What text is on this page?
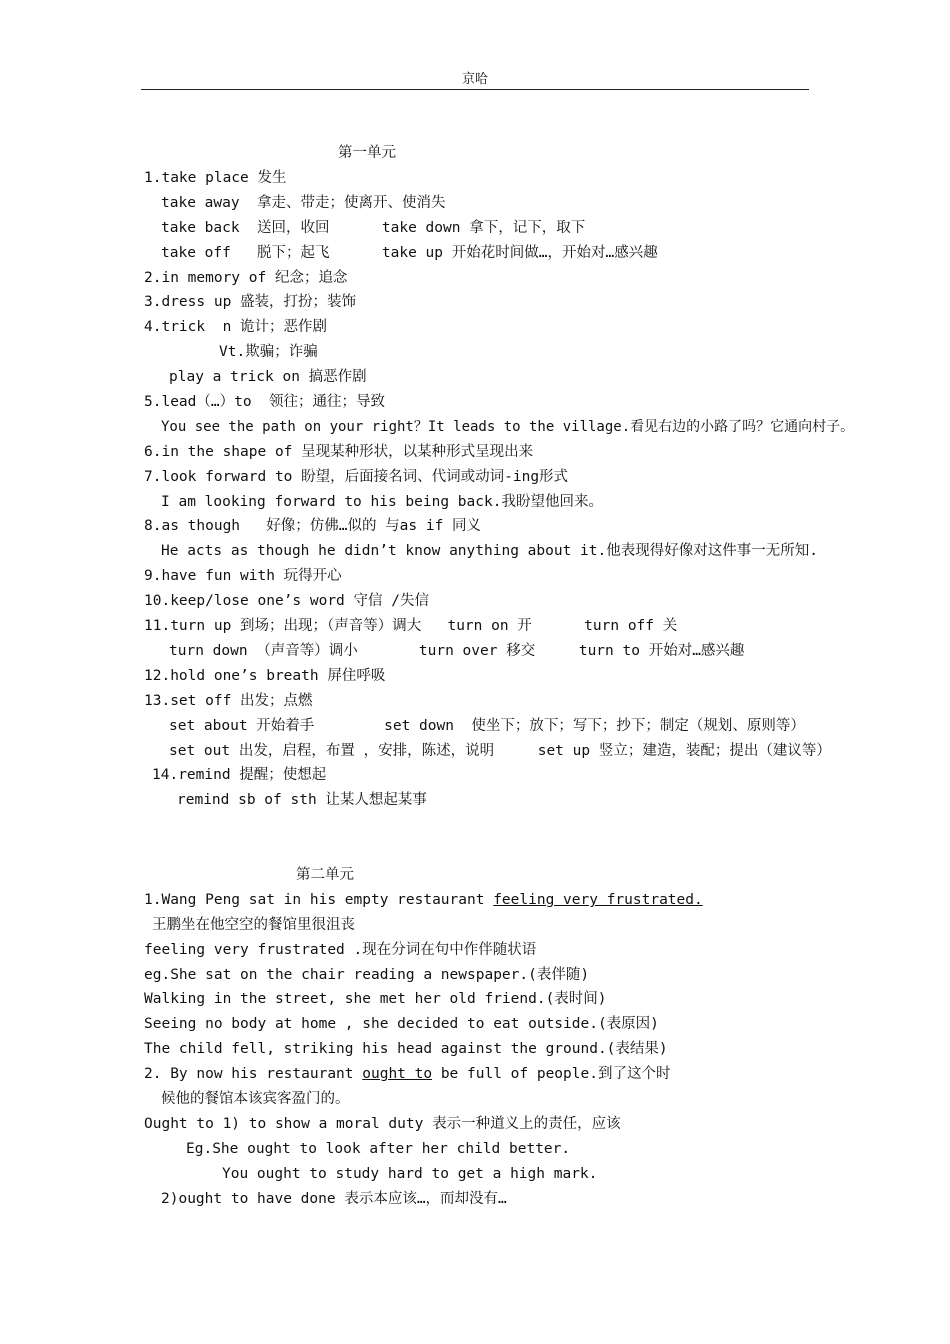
京哈
第一单元
1.take place 发生
take away  拿走、带走；使离开、使消失
take back  送回，收回      take down 拿下，记下，取下
take off   脱下；起飞      take up 开始花时间做…，开始对…感兴趣
2.in memory of 纪念；追念
3.dress up 盛装，打扮；装饰
4.trick  n 诡计；恶作剧
Vt.欺骗；诈骗
play a trick on 搞恶作剧
5.lead（…）to  领往；通往；导致
You see the path on your right？It leads to the village.看见右边的小路了吗？它通向村子。
6.in the shape of 呈现某种形状，以某种形式呈现出来
7.look forward to 盼望，后面接名词、代词或动词-ing形式
I am looking forward to his being back.我盼望他回来。
8.as though   好像；仿佛…似的 与as if 同义
He acts as though he didn’t know anything about it.他表现得好像对这件事一无所知.
9.have fun with 玩得开心
10.keep/lose one’s word 守信 /失信
11.turn up 到场；出现；（声音等）调大   turn on 开      turn off 关
turn down （声音等）调小       turn over 移交     turn to 开始对…感兴趣
12.hold one’s breath 屏住呼吸
13.set off 出发；点燃
set about 开始着手        set down  使坐下；放下；写下；抄下；制定（规划、原则等）
set out 出发，启程，布置 ，安排，陈述，说明     set up 竖立；建造，装配；提出（建议等）
14.remind 提醒；使想起
remind sb of sth 让某人想起某事
第二单元
1.Wang Peng sat in his empty restaurant feeling very frustrated.
王鹏坐在他空空的餐馆里很沮丧
feeling very frustrated .现在分词在句中作伴随状语
eg.She sat on the chair reading a newspaper.(表伴随)
Walking in the street, she met her old friend.(表时间)
Seeing no body at home , she decided to eat outside.(表原因)
The child fell, striking his head against the ground.(表结果)
2. By now his restaurant ought to be full of people.到了这个时
候他的餐馆本该宾客盈门的。
Ought to 1) to show a moral duty 表示一种道义上的责任，应该
Eg.She ought to look after her child better.
You ought to study hard to get a high mark.
2)ought to have done 表示本应该…，而却没有…
